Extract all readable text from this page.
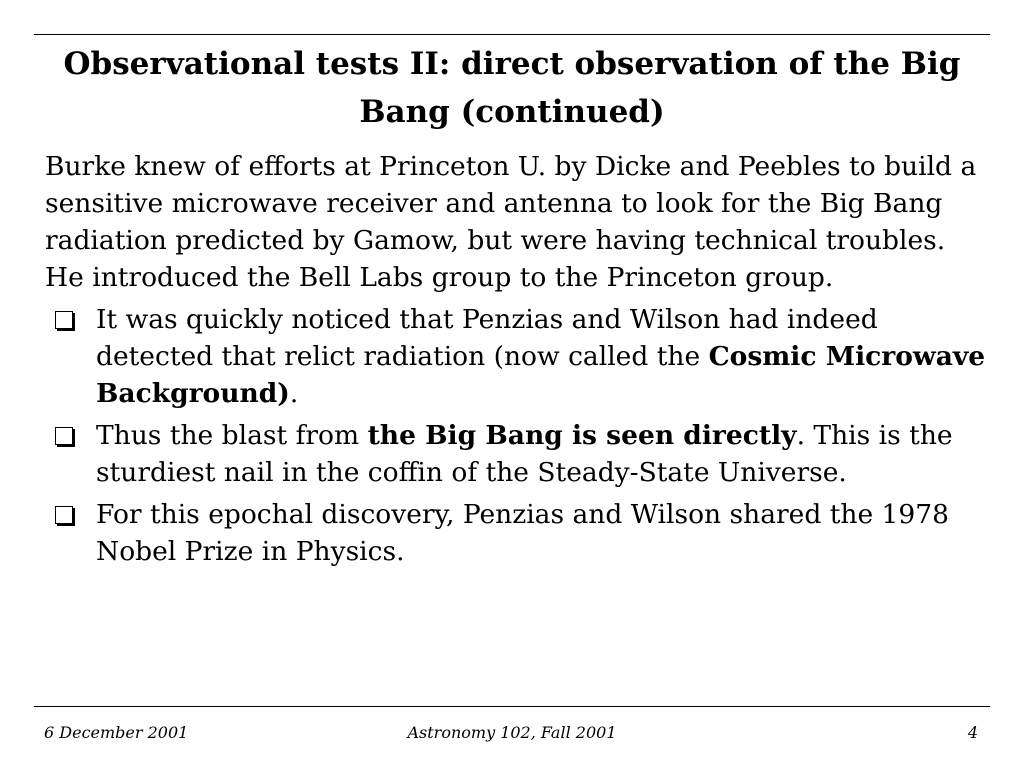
Observational tests II: direct observation of the Big Bang (continued)

Burke knew of efforts at Princeton U. by Dicke and Peebles to build a sensitive microwave receiver and antenna to look for the Big Bang radiation predicted by Gamow, but were having technical troubles. He introduced the Bell Labs group to the Princeton group.

It was quickly noticed that Penzias and Wilson had indeed detected that relict radiation (now called the Cosmic Microwave Background).
Thus the blast from the Big Bang is seen directly. This is the sturdiest nail in the coffin of the Steady-State Universe.
For this epochal discovery, Penzias and Wilson shared the 1978 Nobel Prize in Physics.
6 December 2001	Astronomy 102, Fall 2001	4
